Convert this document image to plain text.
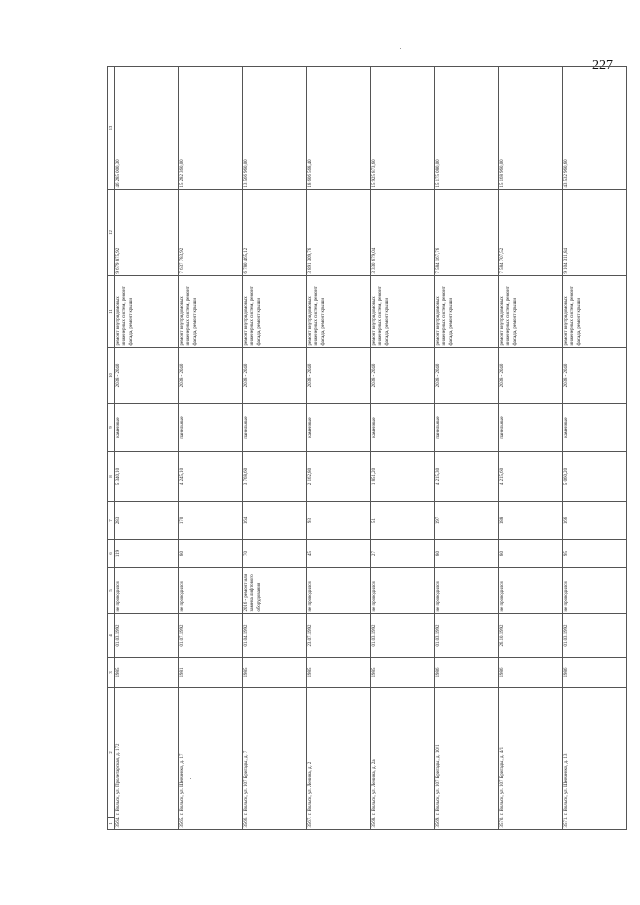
227
1	2	3	4	5	6	7	8	9	10	11	12	13
3564. г. Вольск, ул. Пролетарская, д. 172		1985	01.03.1992	не проводился	119	283	5 340,10	каменные	2038 - 2040	ремонт внутридомовых инженерных систем, ремонт фасада, ремонт крыши	9 679 875,92	46 285 000,30
3565. г. Вольск, ул. Шевченко, д. 17		1981	01.07.1992	не проводился	80	170	4 245,10	панельные	2038 - 2040	ремонт внутридомовых инженерных систем, ремонт фасада, ремонт крыши	7 637 783,92	15 282 360,00
3566. г. Вольск, ул. 107 Бригады, д. 7		1985	01.04.1992	2016 - ремонт или замена лифтового оборудования	70	164	3 768,60	панельные	2038 - 2040	ремонт внутридомовых инженерных систем, ремонт фасада, ремонт крыши	6 780 465,12	13 566 960,00
3567. г. Вольск, ул. Ленина, д. 2		1985	23.07.1992	не проводился	45	93	2 162,80	каменные	2038 - 2040	ремонт внутридомовых инженерных систем, ремонт фасада, ремонт крыши	3 891 309,76	18 606 568,40
3568. г. Вольск, ул. Ленина, д. 2а		1985	01.03.1992	не проводился	27	51	1 851,20	каменные	2038 - 2040	ремонт внутридомовых инженерных систем, ремонт фасада, ремонт крыши	3 330 679,04	15 925 873,60
3569. г. Вольск, ул. 107 Бригады, д. 10/1		1986	01.03.1992	не проводился	80	197	4 215,30	панельные	2038 - 2040	ремонт внутридомовых инженерных систем, ремонт фасада, ремонт крыши	7 584 167,76	15 175 080,00
3570. г. Вольск, ул. 107 Бригады, д. 4/1		1986	26.10.1992	не проводился	80	188	4 215,60	панельные	2038 - 2040	ремонт внутридомовых инженерных систем, ремонт фасада, ремонт крыши	7 584 707,52	15 168 960,00
3571. г. Вольск, ул. Шевченко, д. 13		1986	01.03.1992	не проводился	95	166	5 060,20	каменные	2038 - 2040	ремонт внутридомовых инженерных систем, ремонт фасада, ремонт крыши	9 104 311,84	43 532 960,60
